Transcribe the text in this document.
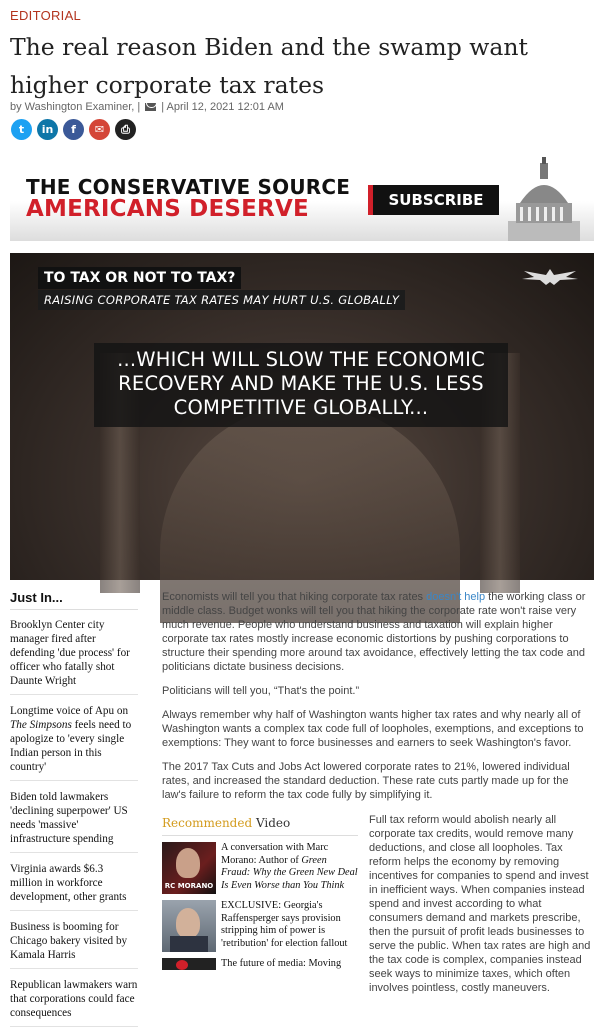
EDITORIAL
The real reason Biden and the swamp want higher corporate tax rates
by Washington Examiner, | | April 12, 2021 12:01 AM
t in f ✉ ⎙
THE CONSERVATIVE SOURCE
AMERICANS DESERVE	SUBSCRIBE
TO TAX OR NOT TO TAX?
RAISING CORPORATE TAX RATES MAY HURT U.S. GLOBALLY
...WHICH WILL SLOW THE ECONOMIC
RECOVERY AND MAKE THE U.S. LESS
COMPETITIVE GLOBALLY...
Just In...
Brooklyn Center city manager fired after defending 'due process' for officer who fatally shot Daunte Wright
Longtime voice of Apu on The Simpsons feels need to apologize to 'every single Indian person in this country'
Biden told lawmakers 'declining superpower' US needs 'massive' infrastructure spending
Virginia awards $6.3 million in workforce development, other grants
Business is booming for Chicago bakery visited by Kamala Harris
Republican lawmakers warn that corporations could face consequences

Economists will tell you that hiking corporate tax rates doesn't help the working class or middle class. Budget wonks will tell you that hiking the corporate rate won't raise very much revenue. People who understand business and taxation will explain higher corporate tax rates mostly increase economic distortions by pushing corporations to structure their spending more around tax avoidance, effectively letting the tax code and politicians dictate business decisions.

Politicians will tell you, “That's the point.”

Always remember why half of Washington wants higher tax rates and why nearly all of Washington wants a complex tax code full of loopholes, exemptions, and exceptions to exemptions: They want to force businesses and earners to seek Washington's favor.

The 2017 Tax Cuts and Jobs Act lowered corporate rates to 21%, lowered individual rates, and increased the standard deduction. These rate cuts partly made up for the law's failure to reform the tax code fully by simplifying it.

Recommended Video
RC MORANO
A conversation with Marc Morano: Author of Green Fraud: Why the Green New Deal Is Even Worse than You Think
EXCLUSIVE: Georgia's Raffensperger says provision stripping him of power is 'retribution' for election fallout
The future of media: Moving
Full tax reform would abolish nearly all corporate tax credits, would remove many deductions, and close all loopholes. Tax reform helps the economy by removing incentives for companies to spend and invest in inefficient ways. When companies instead spend and invest according to what consumers demand and markets prescribe, then the pursuit of profit leads businesses to serve the public. When tax rates are high and the tax code is complex, companies instead seek ways to minimize taxes, which often involves pointless, costly maneuvers.
